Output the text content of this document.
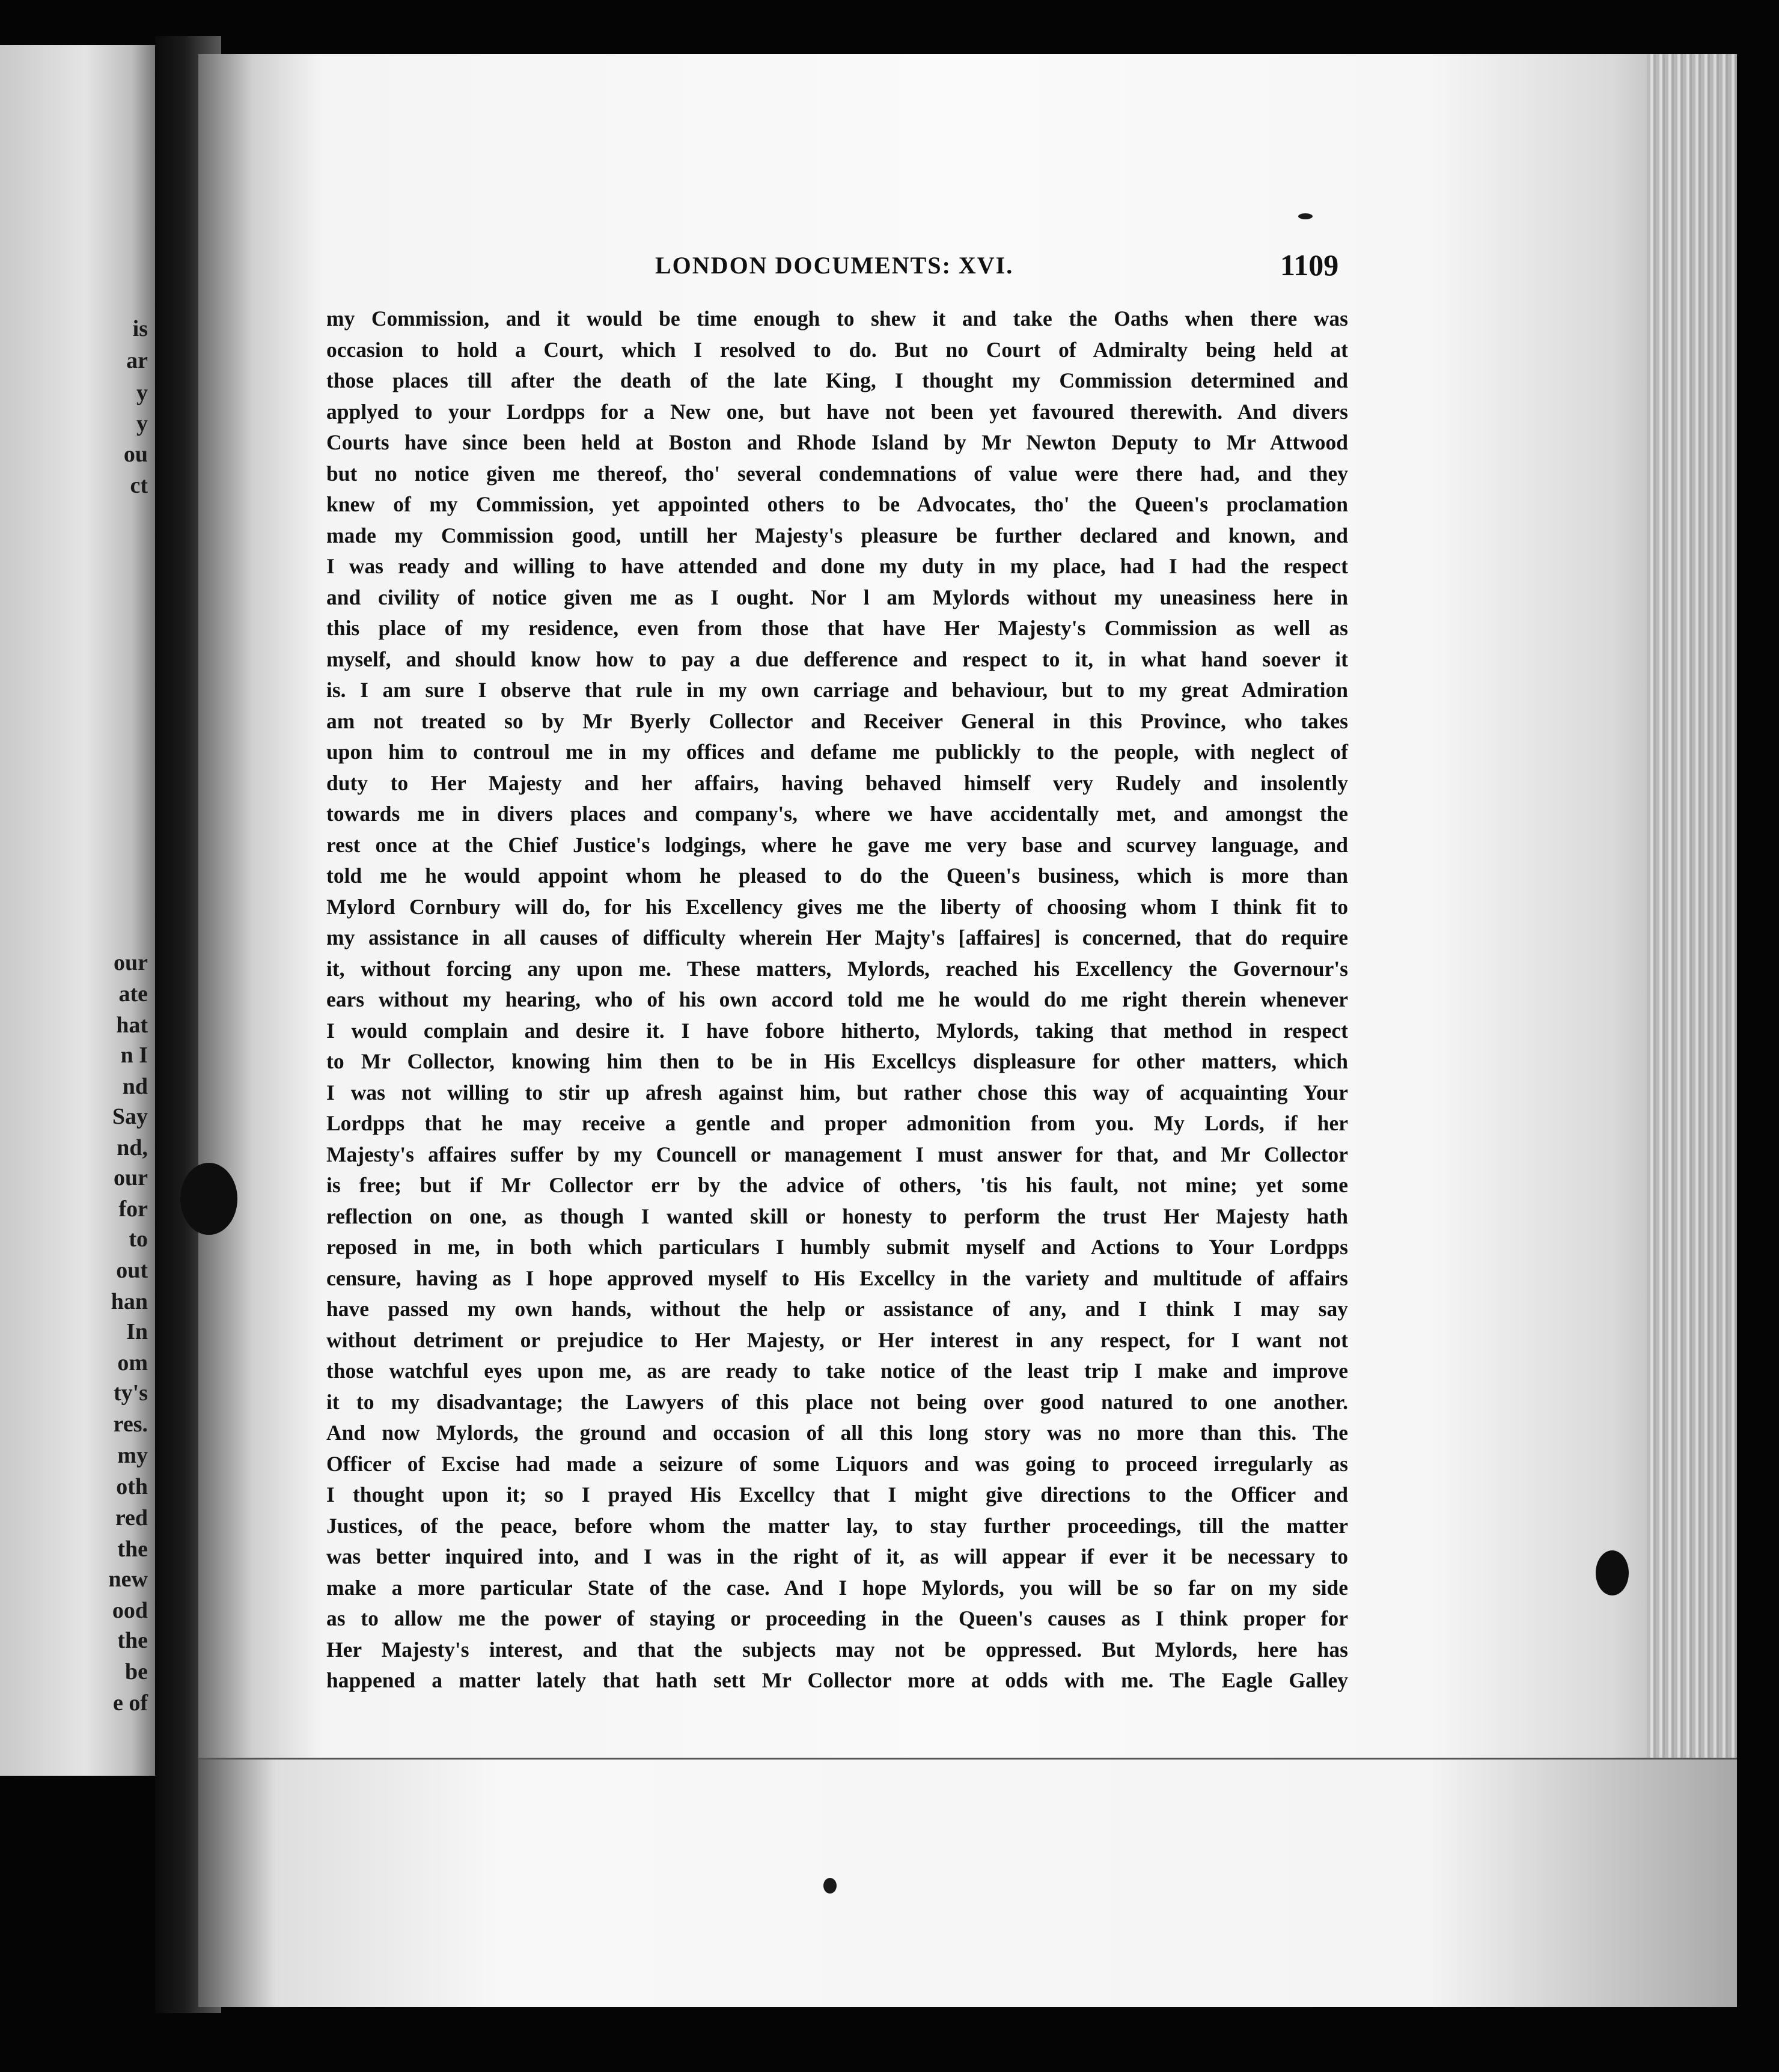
is
ar
y
y
ou
ct
our
ate
hat
n I
nd
Say
nd,
our
for
to
out
han
In
om
ty's
res.
my
oth
red
the
new
ood
the
be
e of
LONDON DOCUMENTS: XVI.	1109
my Commission, and it would be time enough to shew it and take the Oaths when there was
occasion to hold a Court, which I resolved to do. But no Court of Admiralty being held at
those places till after the death of the late King, I thought my Commission determined and
applyed to your Lordpps for a New one, but have not been yet favoured therewith. And divers
Courts have since been held at Boston and Rhode Island by Mr Newton Deputy to Mr Attwood
but no notice given me thereof, tho' several condemnations of value were there had, and they
knew of my Commission, yet appointed others to be Advocates, tho' the Queen's proclamation
made my Commission good, untill her Majesty's pleasure be further declared and known, and
I was ready and willing to have attended and done my duty in my place, had I had the respect
and civility of notice given me as I ought. Nor l am Mylords without my uneasiness here in
this place of my residence, even from those that have Her Majesty's Commission as well as
myself, and should know how to pay a due defference and respect to it, in what hand soever it
is. I am sure I observe that rule in my own carriage and behaviour, but to my great Admiration
am not treated so by Mr Byerly Collector and Receiver General in this Province, who takes
upon him to controul me in my offices and defame me publickly to the people, with neglect of
duty to Her Majesty and her affairs, having behaved himself very Rudely and insolently
towards me in divers places and company's, where we have accidentally met, and amongst the
rest once at the Chief Justice's lodgings, where he gave me very base and scurvey language, and
told me he would appoint whom he pleased to do the Queen's business, which is more than
Mylord Cornbury will do, for his Excellency gives me the liberty of choosing whom I think fit to
my assistance in all causes of difficulty wherein Her Majty's [affaires] is concerned, that do require
it, without forcing any upon me. These matters, Mylords, reached his Excellency the Governour's
ears without my hearing, who of his own accord told me he would do me right therein whenever
I would complain and desire it. I have fobore hitherto, Mylords, taking that method in respect
to Mr Collector, knowing him then to be in His Excellcys displeasure for other matters, which
I was not willing to stir up afresh against him, but rather chose this way of acquainting Your
Lordpps that he may receive a gentle and proper admonition from you. My Lords, if her
Majesty's affaires suffer by my Councell or management I must answer for that, and Mr Collector
is free; but if Mr Collector err by the advice of others, 'tis his fault, not mine; yet some
reflection on one, as though I wanted skill or honesty to perform the trust Her Majesty hath
reposed in me, in both which particulars I humbly submit myself and Actions to Your Lordpps
censure, having as I hope approved myself to His Excellcy in the variety and multitude of affairs
have passed my own hands, without the help or assistance of any, and I think I may say
without detriment or prejudice to Her Majesty, or Her interest in any respect, for I want not
those watchful eyes upon me, as are ready to take notice of the least trip I make and improve
it to my disadvantage; the Lawyers of this place not being over good natured to one another.
And now Mylords, the ground and occasion of all this long story was no more than this. The
Officer of Excise had made a seizure of some Liquors and was going to proceed irregularly as
I thought upon it; so I prayed His Excellcy that I might give directions to the Officer and
Justices, of the peace, before whom the matter lay, to stay further proceedings, till the matter
was better inquired into, and I was in the right of it, as will appear if ever it be necessary to
make a more particular State of the case. And I hope Mylords, you will be so far on my side
as to allow me the power of staying or proceeding in the Queen's causes as I think proper for
Her Majesty's interest, and that the subjects may not be oppressed. But Mylords, here has
happened a matter lately that hath sett Mr Collector more at odds with me. The Eagle Galley
